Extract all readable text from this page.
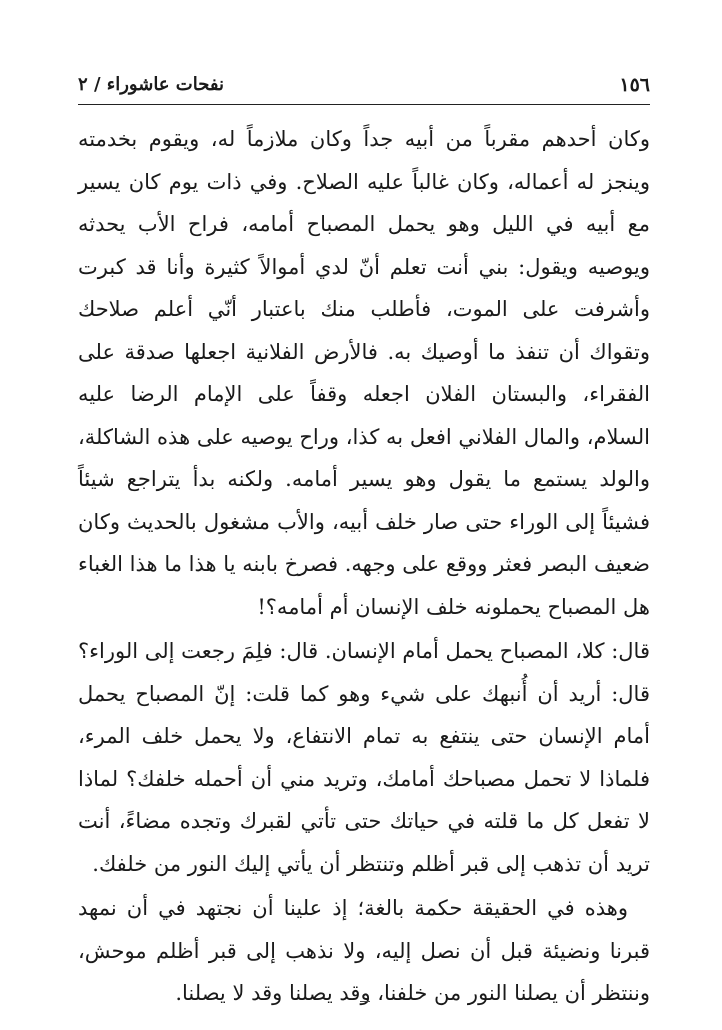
١٥٦
نفحات عاشوراء / ٢

وكان أحدهم مقرباً من أبيه جداً وكان ملازماً له، ويقوم بخدمته وينجز له أعماله، وكان غالباً عليه الصلاح. وفي ذات يوم كان يسير مع أبيه في الليل وهو يحمل المصباح أمامه، فراح الأب يحدثه ويوصيه ويقول: بني أنت تعلم أنّ لدي أموالاً كثيرة وأنا قد كبرت وأشرفت على الموت، فأطلب منك باعتبار أنّي أعلم صلاحك وتقواك أن تنفذ ما أوصيك به. فالأرض الفلانية اجعلها صدقة على الفقراء، والبستان الفلان اجعله وقفاً على الإمام الرضا عليه السلام، والمال الفلاني افعل به كذا، وراح يوصيه على هذه الشاكلة، والولد يستمع ما يقول وهو يسير أمامه. ولكنه بدأ يتراجع شيئاً فشيئاً إلى الوراء حتى صار خلف أبيه، والأب مشغول بالحديث وكان ضعيف البصر فعثر ووقع على وجهه. فصرخ بابنه يا هذا ما هذا الغباء هل المصباح يحملونه خلف الإنسان أم أمامه؟!

قال: كلا، المصباح يحمل أمام الإنسان. قال: فلِمَ رجعت إلى الوراء؟ قال: أريد أن أُنبهك على شيء وهو كما قلت: إنّ المصباح يحمل أمام الإنسان حتى ينتفع به تمام الانتفاع، ولا يحمل خلف المرء، فلماذا لا تحمل مصباحك أمامك، وتريد مني أن أحمله خلفك؟ لماذا لا تفعل كل ما قلته في حياتك حتى تأتي لقبرك وتجده مضاءً، أنت تريد أن تذهب إلى قبر أظلم وتنتظر أن يأتي إليك النور من خلفك.

وهذه في الحقيقة حكمة بالغة؛ إذ علينا أن نجتهد في أن نمهد قبرنا ونضيئة قبل أن نصل إليه، ولا نذهب إلى قبر أظلم موحش، وننتظر أن يصلنا النور من خلفنا، وقد يصلنا وقد لا يصلنا.
